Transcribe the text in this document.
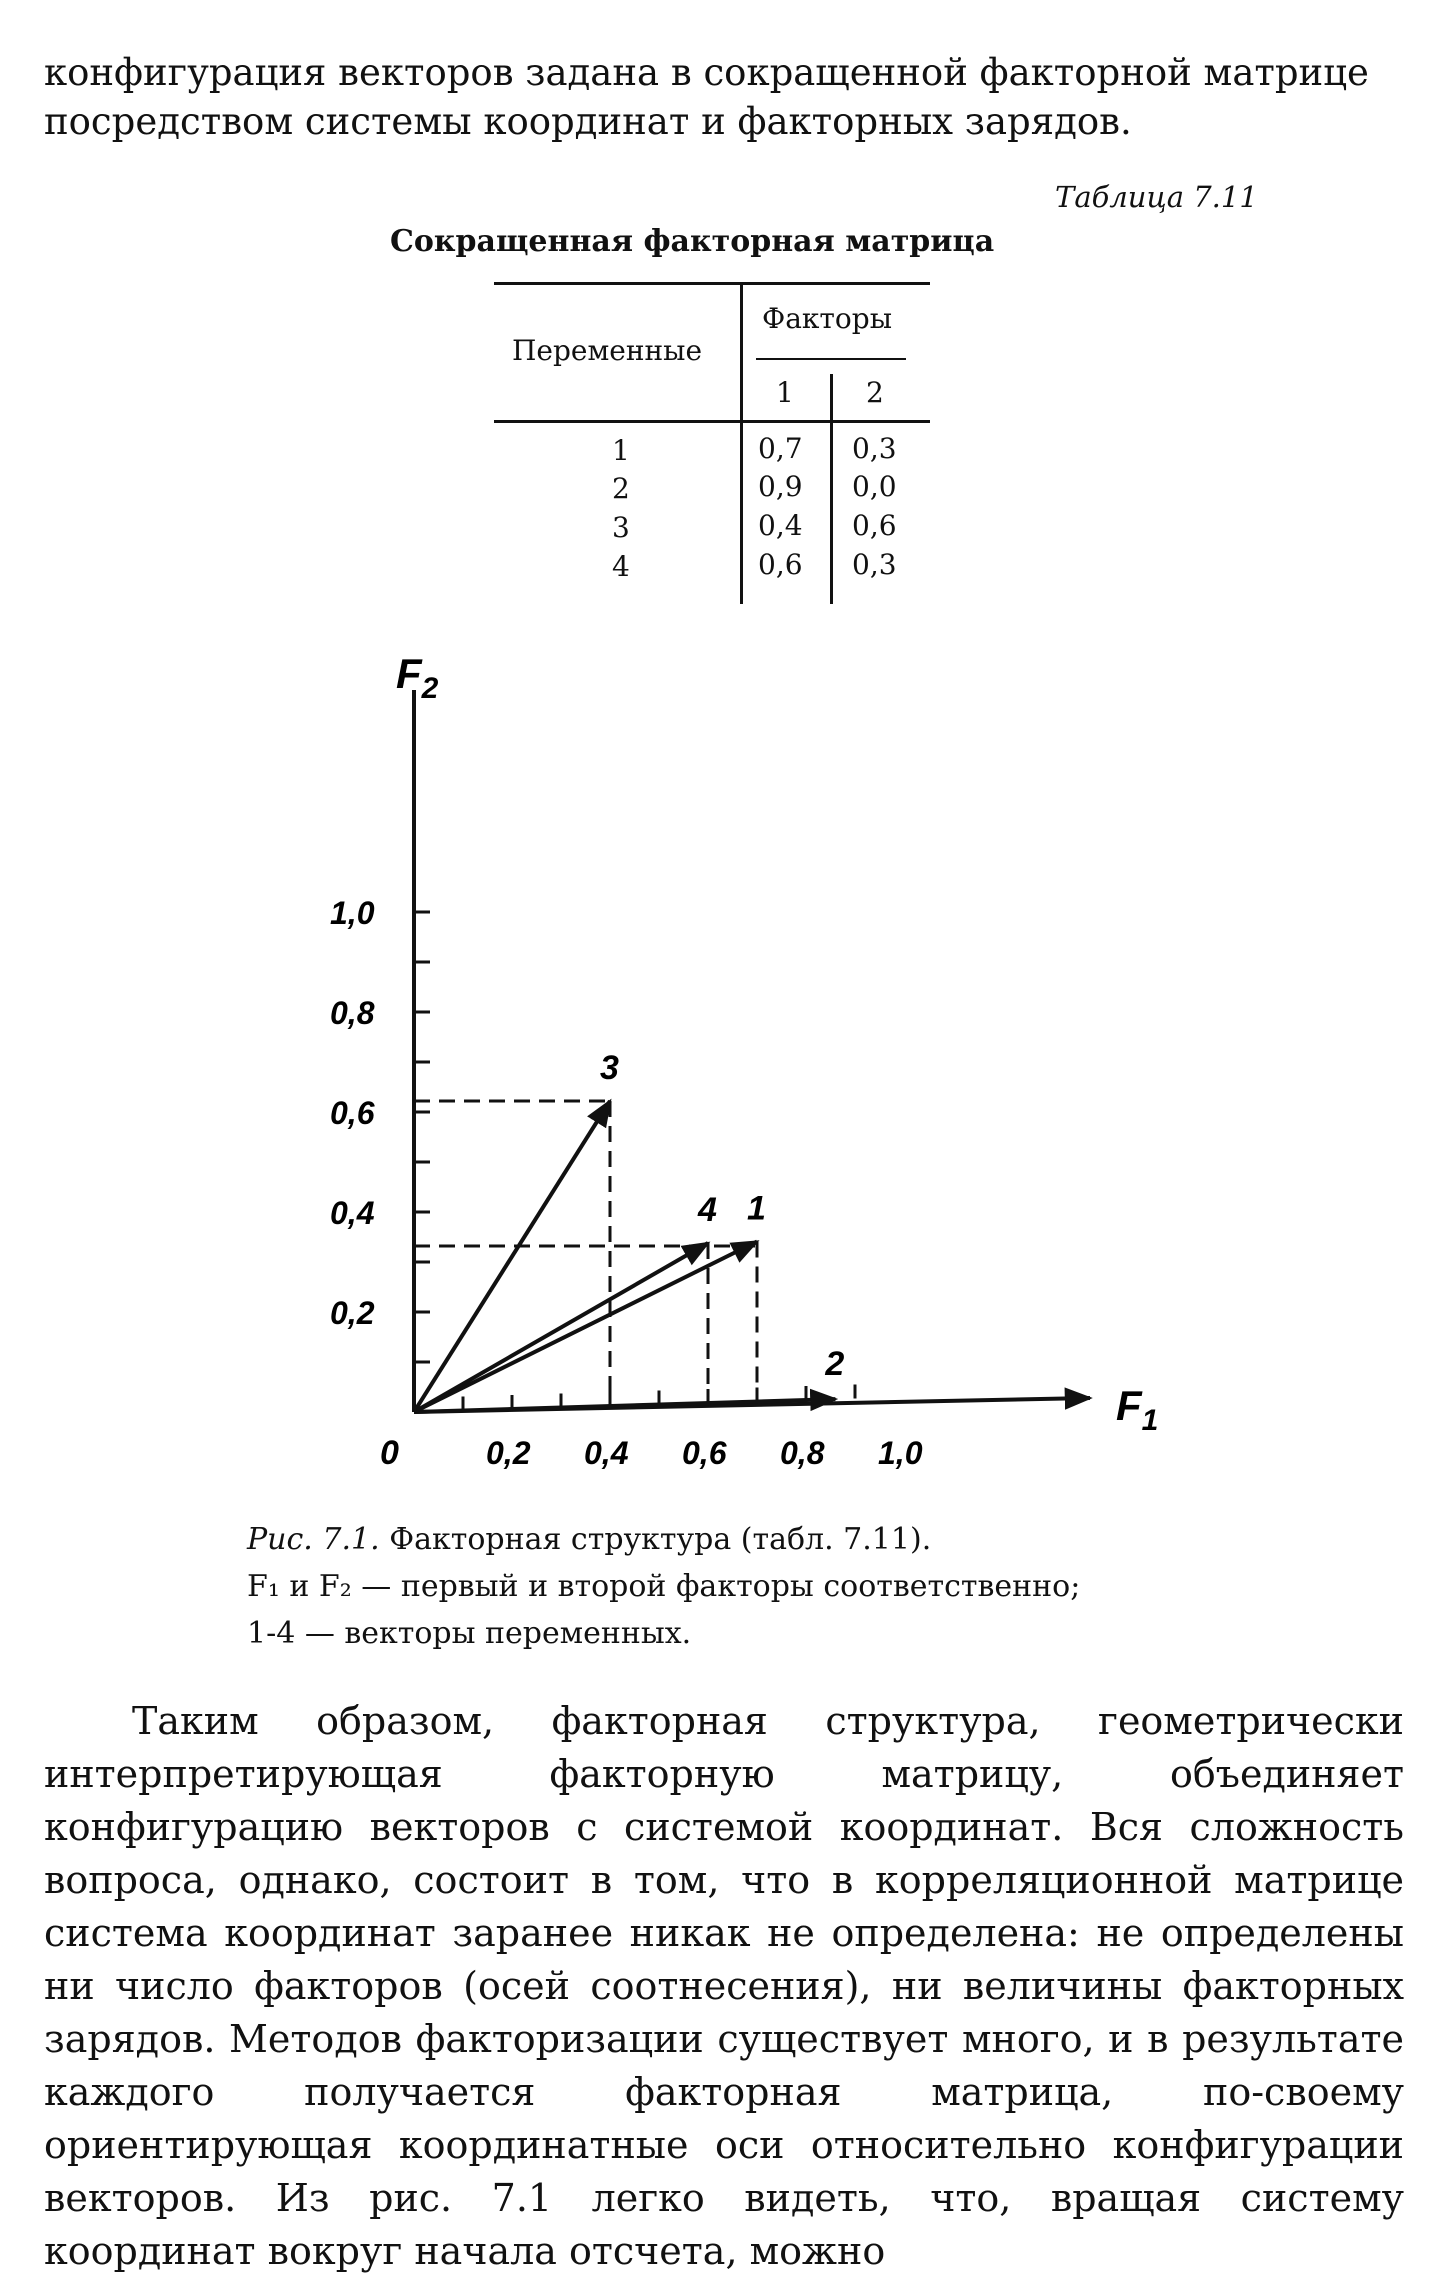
конфигурация векторов задана в сокращенной факторной матрице посредством системы координат и факторных зарядов.

Таблица 7.11

Сокращенная факторная матрица

Переменные
Факторы
1	2
1	0,7 0,3
2	0,9 0,0
3	0,4 0,6
4	0,6 0,3
1
2
3
4
0,2
0,4
0,6
0,8
1,0
0,2 0,4 0,6 0,8 1,0
0
$F_1$
$F_2$
Рис. 7.1. Факторная структура (табл. 7.11).
F₁ и F₂ — первый и второй факторы соответственно;
1-4 — векторы переменных.

Таким образом, факторная структура, геометрически интерпретирующая факторную матрицу, объединяет конфигурацию векторов с системой координат. Вся сложность вопроса, однако, состоит в том, что в корреляционной матрице система координат заранее никак не определена: не определены ни число факторов (осей соотнесения), ни величины факторных зарядов. Методов факторизации существует много, и в результате каждого получается факторная матрица, по-своему ориентирующая координатные оси относительно конфигурации векторов. Из рис. 7.1 легко видеть, что, вращая систему координат вокруг начала отсчета, можно
